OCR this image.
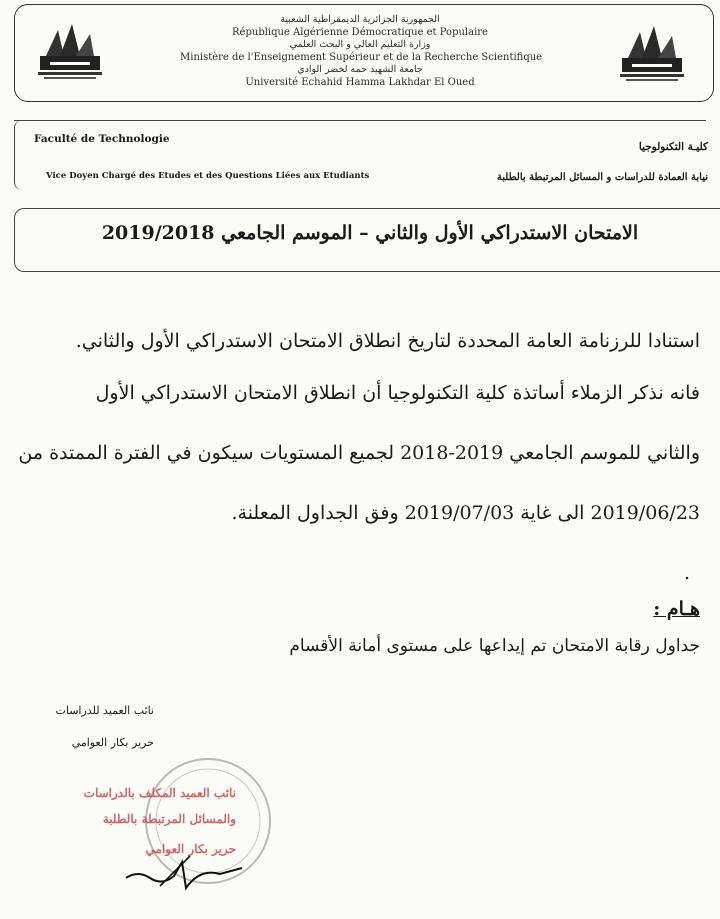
الجمهورية الجزائرية الديمقراطية الشعبية
République Algérienne Démocratique et Populaire
وزارة التعليم العالي و البحث العلمي
Ministère de l'Enseignement Supérieur et de la Recherche Scientifique
جامعة الشهيد حمه لخضر الوادي
Université Echahid Hamma Lakhdar El Oued
Faculté de Technologie
كليـة التكنولوجيا
Vice Doyen Chargé des Etudes et des Questions Liées aux Etudiants	نيابة العمادة للدراسات و المسائل المرتبطة بالطلبة
الامتحان الاستدراكي الأول والثاني – الموسم الجامعي 2019/2018
استنادا للرزنامة العامة المحددة لتاريخ انطلاق الامتحان الاستدراكي الأول والثاني.
فانه نذكر الزملاء أساتذة كلية التكنولوجيا أن انطلاق الامتحان الاستدراكي الأول
والثاني للموسم الجامعي 2019-2018 لجميع المستويات سيكون في الفترة الممتدة من
2019/06/23 الى غاية 2019/07/03 وفق الجداول المعلنة.
.
هـام :
جداول رقابة الامتحان تم إيداعها على مستوى أمانة الأقسام
نائب العميد للدراسات
حرير بكار العوامي
نائب العميد المكلف بالدراسات
والمسائل المرتبطة بالطلبة
حرير بكار العوامي
